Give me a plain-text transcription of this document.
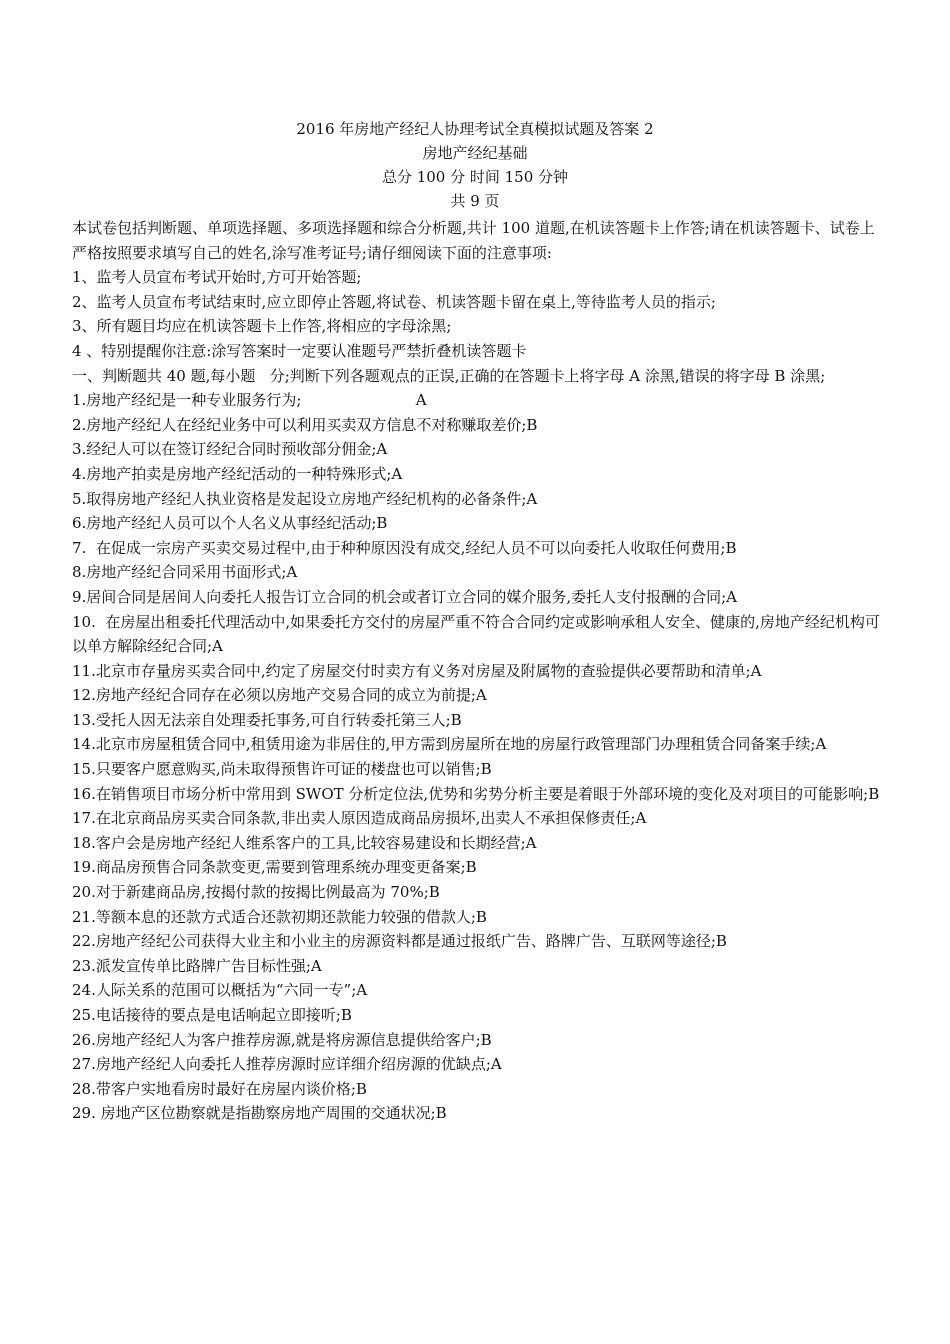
2016 年房地产经纪人协理考试全真模拟试题及答案 2
房地产经纪基础
总分 100 分 时间 150 分钟
共 9 页

本试卷包括判断题、单项选择题、多项选择题和综合分析题,共计 100 道题,在机读答题卡上作答;请在机读答题卡、试卷上严格按照要求填写自己的姓名,涂写准考证号;请仔细阅读下面的注意事项:

1、监考人员宣布考试开始时,方可开始答题;

2、监考人员宣布考试结束时,应立即停止答题,将试卷、机读答题卡留在桌上,等待监考人员的指示;

3、所有题目均应在机读答题卡上作答,将相应的字母涂黑;

4 、特别提醒你注意:涂写答案时一定要认准题号严禁折叠机读答题卡

一、判断题共 40 题,每小题   分;判断下列各题观点的正误,正确的在答题卡上将字母 A 涂黑,错误的将字母 B 涂黑;

1.房地产经纪是一种专业服务行为;                        A

2.房地产经纪人在经纪业务中可以利用买卖双方信息不对称赚取差价;B

3.经纪人可以在签订经纪合同时预收部分佣金;A

4.房地产拍卖是房地产经纪活动的一种特殊形式;A

5.取得房地产经纪人执业资格是发起设立房地产经纪机构的必备条件;A

6.房地产经纪人员可以个人名义从事经纪活动;B

7.  在促成一宗房产买卖交易过程中,由于种种原因没有成交,经纪人员不可以向委托人收取任何费用;B

8.房地产经纪合同采用书面形式;A

9.居间合同是居间人向委托人报告订立合同的机会或者订立合同的媒介服务,委托人支付报酬的合同;A

10.  在房屋出租委托代理活动中,如果委托方交付的房屋严重不符合合同约定或影响承租人安全、健康的,房地产经纪机构可以单方解除经纪合同;A

11.北京市存量房买卖合同中,约定了房屋交付时卖方有义务对房屋及附属物的查验提供必要帮助和清单;A

12.房地产经纪合同存在必须以房地产交易合同的成立为前提;A

13.受托人因无法亲自处理委托事务,可自行转委托第三人;B

14.北京市房屋租赁合同中,租赁用途为非居住的,甲方需到房屋所在地的房屋行政管理部门办理租赁合同备案手续;A

15.只要客户愿意购买,尚未取得预售许可证的楼盘也可以销售;B

16.在销售项目市场分析中常用到 SWOT 分析定位法,优势和劣势分析主要是着眼于外部环境的变化及对项目的可能影响;B

17.在北京商品房买卖合同条款,非出卖人原因造成商品房损坏,出卖人不承担保修责任;A

18.客户会是房地产经纪人维系客户的工具,比较容易建设和长期经营;A

19.商品房预售合同条款变更,需要到管理系统办理变更备案;B

20.对于新建商品房,按揭付款的按揭比例最高为 70%;B

21.等额本息的还款方式适合还款初期还款能力较强的借款人;B

22.房地产经纪公司获得大业主和小业主的房源资料都是通过报纸广告、路牌广告、互联网等途径;B

23.派发宣传单比路牌广告目标性强;A

24.人际关系的范围可以概括为“六同一专”;A

25.电话接待的要点是电话响起立即接听;B

26.房地产经纪人为客户推荐房源,就是将房源信息提供给客户;B

27.房地产经纪人向委托人推荐房源时应详细介绍房源的优缺点;A

28.带客户实地看房时最好在房屋内谈价格;B

29. 房地产区位勘察就是指勘察房地产周围的交通状况;B
